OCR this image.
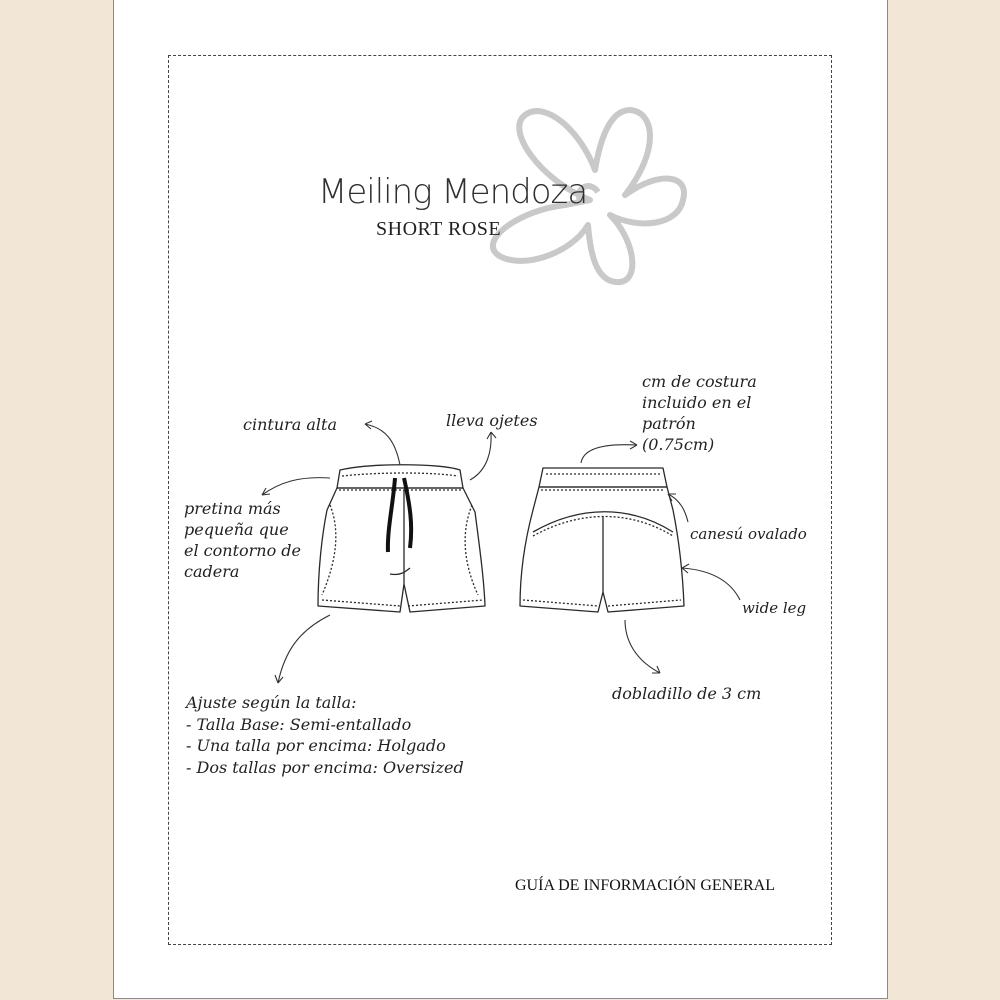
Meiling Mendoza
SHORT ROSE
cintura alta	lleva ojetes
pretina más
pequeña que
el contorno de
cadera
cm de costura
incluido en el
patrón
(0.75cm)
canesú ovalado
wide leg
dobladillo de 3 cm
Ajuste según la talla:
- Talla Base: Semi-entallado
- Una talla por encima: Holgado
- Dos tallas por encima: Oversized
GUÍA DE INFORMACIÓN GENERAL
